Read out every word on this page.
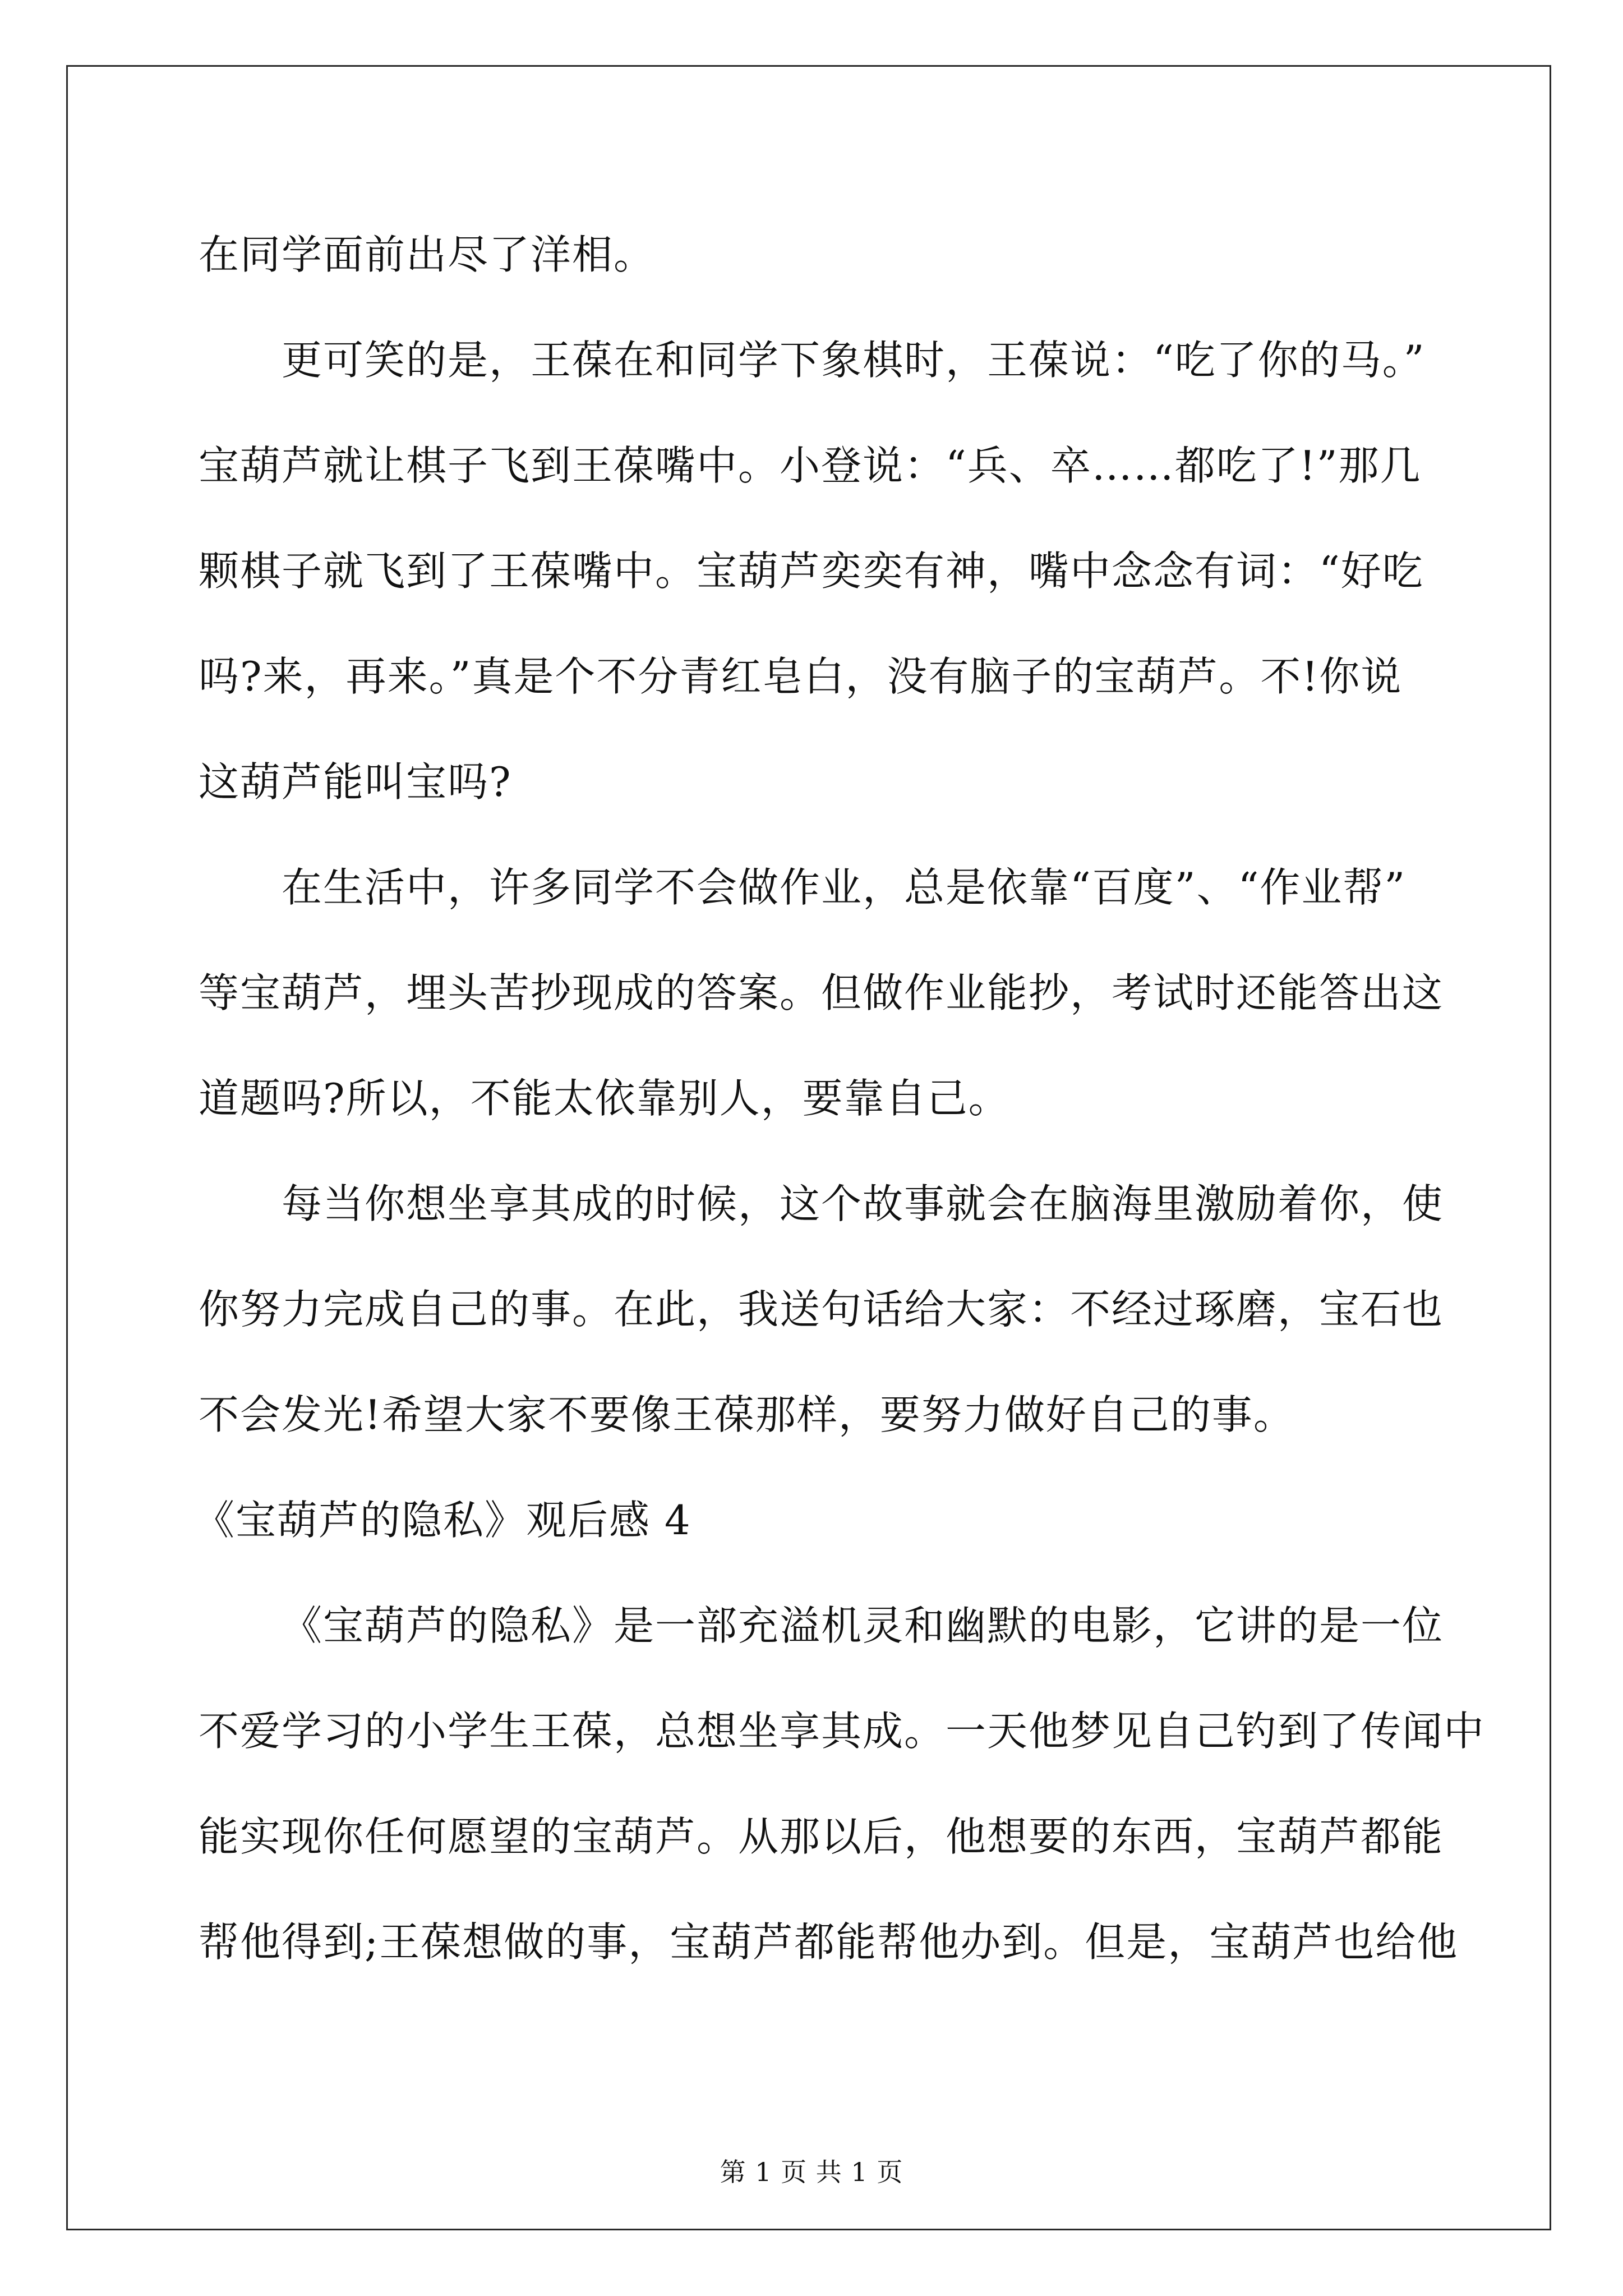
在同学面前出尽了洋相。
更可笑的是，王葆在和同学下象棋时，王葆说：“吃了你的马。”
宝葫芦就让棋子飞到王葆嘴中。小登说：“兵、卒……都吃了!”那几
颗棋子就飞到了王葆嘴中。宝葫芦奕奕有神，嘴中念念有词：“好吃
吗?来，再来。”真是个不分青红皂白，没有脑子的宝葫芦。不!你说
这葫芦能叫宝吗?
在生活中，许多同学不会做作业，总是依靠“百度”、“作业帮”
等宝葫芦，埋头苦抄现成的答案。但做作业能抄，考试时还能答出这
道题吗?所以，不能太依靠别人，要靠自己。
每当你想坐享其成的时候，这个故事就会在脑海里激励着你，使
你努力完成自己的事。在此，我送句话给大家：不经过琢磨，宝石也
不会发光!希望大家不要像王葆那样，要努力做好自己的事。
《宝葫芦的隐私》观后感 4
《宝葫芦的隐私》是一部充溢机灵和幽默的电影，它讲的是一位
不爱学习的小学生王葆，总想坐享其成。一天他梦见自己钓到了传闻中
能实现你任何愿望的宝葫芦。从那以后，他想要的东西，宝葫芦都能
帮他得到;王葆想做的事，宝葫芦都能帮他办到。但是，宝葫芦也给他
第 1 页 共 1 页
